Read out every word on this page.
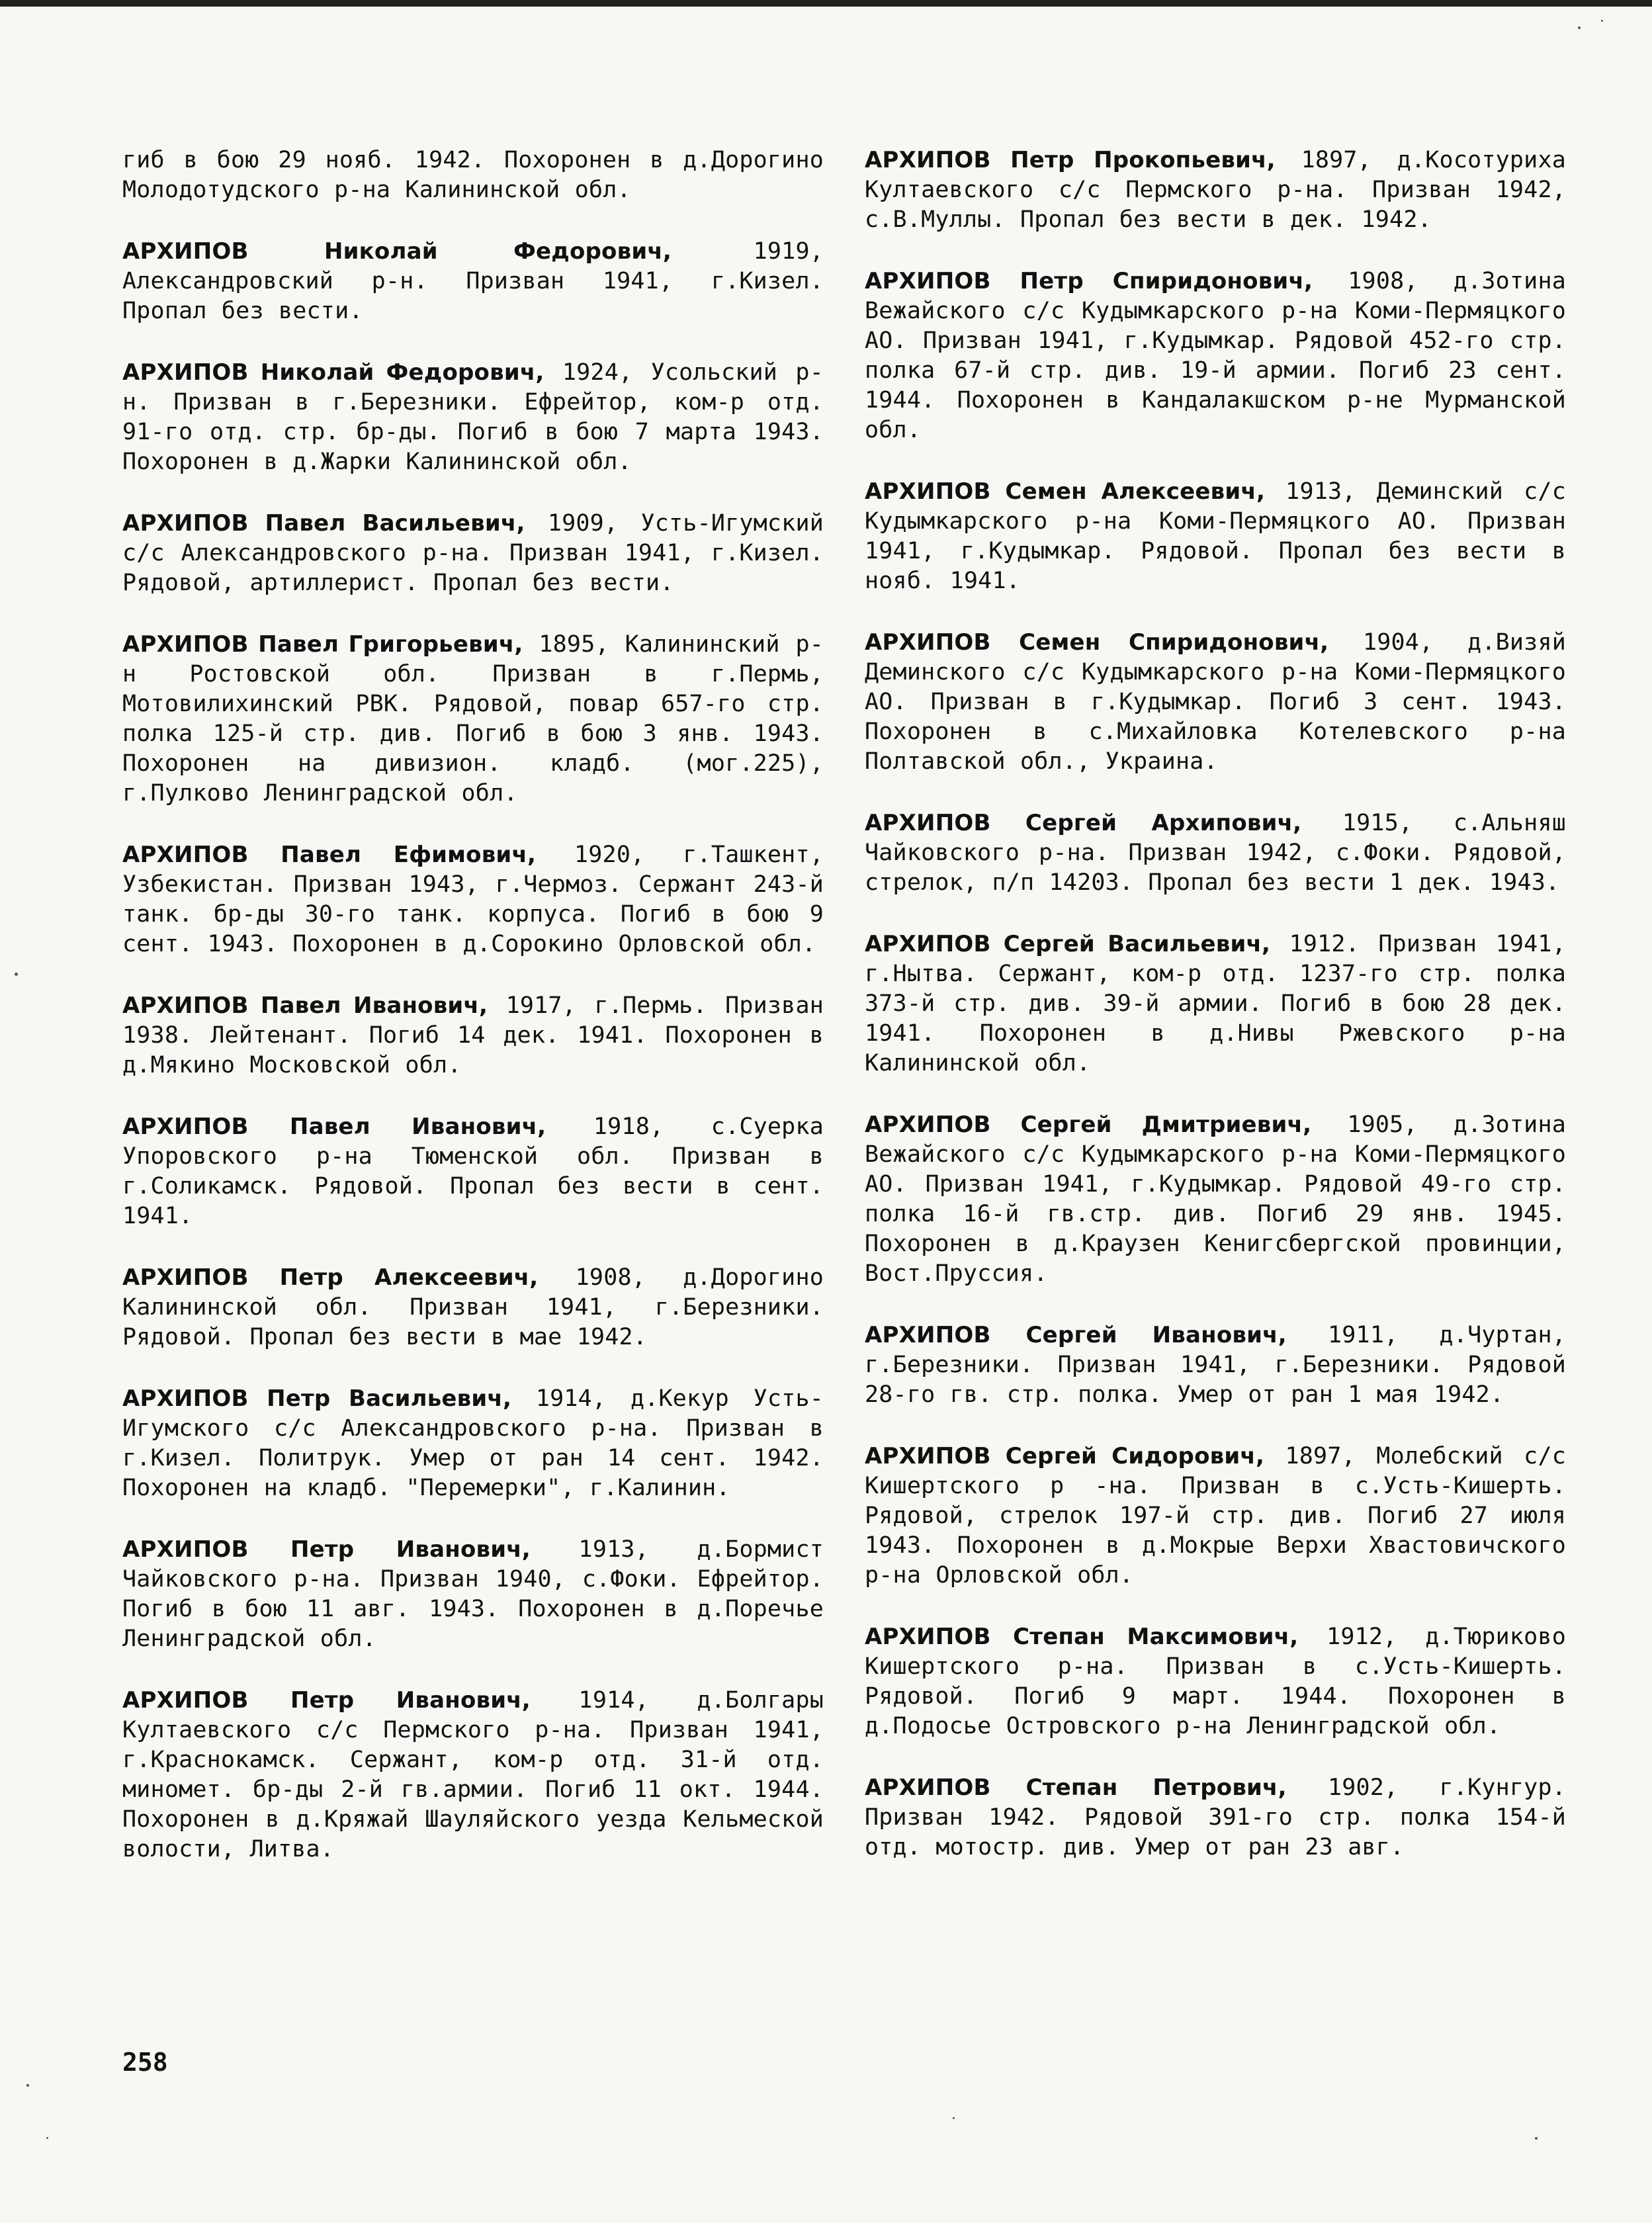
гиб в бою 29 нояб. 1942. Похоронен в д.Дорогино Молодотудского р-на Калининской обл.

АРХИПОВ Николай Федорович,	1919, Александровский р-н. Призван 1941, г.Кизел. Пропал без вести.

АРХИПОВ Николай Федорович, 1924, Усольский р-н. Призван в г.Березники. Ефрейтор, ком-р отд. 91-го отд. стр. бр-ды. Погиб в бою 7 марта 1943. Похоронен в д.Жарки Калининской обл.

АРХИПОВ Павел Васильевич, 1909, Усть-Игумский с/с Александровского р-на. Призван 1941, г.Кизел. Рядовой, артиллерист. Пропал без вести.

АРХИПОВ Павел Григорьевич, 1895, Калининский р-н Ростовской обл. Призван в г.Пермь, Мотовилихинский РВК. Рядовой, повар 657-го стр. полка 125-й стр. див. Погиб в бою 3 янв. 1943. Похоронен на дивизион. кладб. (мог.225), г.Пулково Ленинградской обл.

АРХИПОВ Павел Ефимович, 1920, г.Ташкент, Узбекистан. Призван 1943, г.Чермоз. Сержант 243-й танк. бр-ды 30-го танк. корпуса. Погиб в бою 9 сент. 1943. Похоронен в д.Сорокино Орловской обл.

АРХИПОВ Павел Иванович, 1917, г.Пермь. Призван 1938. Лейтенант. Погиб 14 дек. 1941. Похоронен в д.Мякино Московской обл.

АРХИПОВ Павел Иванович, 1918, с.Суерка Упоровского р-на Тюменской обл. Призван в г.Соликамск. Рядовой. Пропал без вести в сент. 1941.

АРХИПОВ Петр Алексеевич, 1908, д.Дорогино Калининской обл. Призван 1941, г.Березники. Рядовой. Пропал без вести в мае 1942.

АРХИПОВ Петр Васильевич, 1914, д.Кекур Усть-Игумского с/с Александровского р-на. Призван в г.Кизел. Политрук. Умер от ран 14 сент. 1942. Похоронен на кладб. "Перемерки", г.Калинин.

АРХИПОВ Петр Иванович, 1913, д.Бормист Чайковского р-на. Призван 1940, с.Фоки. Ефрейтор. Погиб в бою 11 авг. 1943. Похоронен в д.Поречье Ленинградской обл.

АРХИПОВ Петр Иванович, 1914, д.Болгары Култаевского с/с Пермского р-на. Призван 1941, г.Краснокамск. Сержант, ком-р отд. 31-й отд. миномет. бр-ды 2-й гв.армии. Погиб 11 окт. 1944. Похоронен в д.Кряжай Шауляйского уезда Кельмеской волости, Литва.

АРХИПОВ Петр Прокопьевич, 1897, д.Косотуриха Култаевского с/с Пермского р-на. Призван 1942, с.В.Муллы. Пропал без вести в дек. 1942.

АРХИПОВ Петр Спиридонович, 1908, д.Зотина Вежайского с/с Кудымкарского р-на Коми-Пермяцкого АО. Призван 1941, г.Кудымкар. Рядовой 452-го стр. полка 67-й стр. див. 19-й армии. Погиб 23 сент. 1944. Похоронен в Кандалакшском р-не Мурманской обл.

АРХИПОВ Семен Алексеевич, 1913, Деминский с/с Кудымкарского р-на Коми-Пермяцкого АО. Призван 1941, г.Кудымкар. Рядовой. Пропал без вести в нояб. 1941.

АРХИПОВ Семен Спиридонович, 1904, д.Визяй Деминского с/с Кудымкарского р-на Коми-Пермяцкого АО. Призван в г.Кудымкар. Погиб 3 сент. 1943. Похоронен в с.Михайловка Котелевского р-на Полтавской обл., Украина.

АРХИПОВ Сергей Архипович, 1915, с.Альняш Чайковского р-на. Призван 1942, с.Фоки. Рядовой, стрелок, п/п 14203. Пропал без вести 1 дек. 1943.

АРХИПОВ Сергей Васильевич, 1912. Призван 1941, г.Нытва. Сержант, ком-р отд. 1237-го стр. полка 373-й стр. див. 39-й армии. Погиб в бою 28 дек. 1941. Похоронен в д.Нивы Ржевского р-на Калининской обл.

АРХИПОВ Сергей Дмитриевич, 1905, д.Зотина Вежайского с/с Кудымкарского р-на Коми-Пермяцкого АО. Призван 1941, г.Кудымкар. Рядовой 49-го стр. полка 16-й гв.стр. див. Погиб 29 янв. 1945. Похоронен в д.Краузен Кенигсбергской провинции, Вост.Пруссия.

АРХИПОВ Сергей Иванович, 1911, д.Чуртан, г.Березники. Призван 1941, г.Березники. Рядовой 28-го гв. стр. полка. Умер от ран 1 мая 1942.

АРХИПОВ Сергей Сидорович, 1897, Молебский с/с Кишертского р -на. Призван в с.Усть-Кишерть. Рядовой, стрелок 197-й стр. див. Погиб 27 июля 1943. Похоронен в д.Мокрые Верхи Хвастовичского р-на Орловской обл.

АРХИПОВ Степан Максимович, 1912, д.Тюриково Кишертского р-на. Призван в с.Усть-Кишерть. Рядовой. Погиб 9 март. 1944. Похоронен в д.Подосье Островского р-на Ленинградской обл.

АРХИПОВ Степан Петрович, 1902, г.Кунгур. Призван 1942. Рядовой 391-го стр. полка 154-й отд. мотостр. див. Умер от ран 23 авг.

258
